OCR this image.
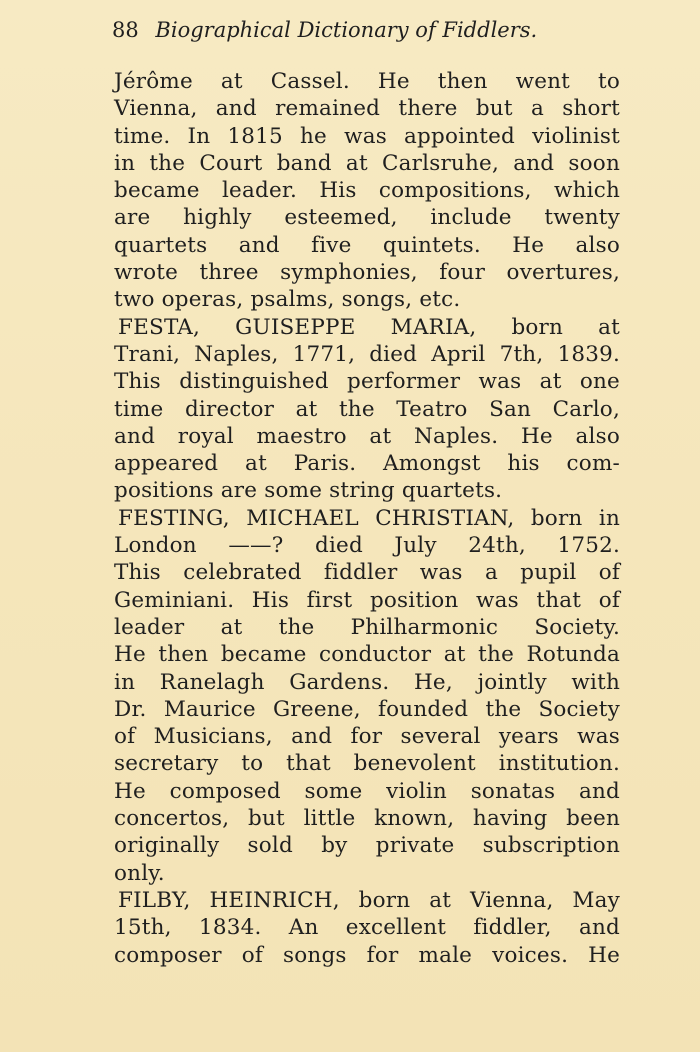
88 Biographical Dictionary of Fiddlers.
Jérôme at Cassel. He then went to
Vienna, and remained there but a short
time. In 1815 he was appointed violinist
in the Court band at Carlsruhe, and soon
became leader. His compositions, which
are highly esteemed, include twenty
quartets and five quintets. He also
wrote three symphonies, four overtures,
two operas, psalms, songs, etc.
FESTA, GUISEPPE MARIA, born at
Trani, Naples, 1771, died April 7th, 1839.
This distinguished performer was at one
time director at the Teatro San Carlo,
and royal maestro at Naples. He also
appeared at Paris. Amongst his com-
positions are some string quartets.
FESTING, MICHAEL CHRISTIAN, born in
London ——? died July 24th, 1752.
This celebrated fiddler was a pupil of
Geminiani. His first position was that of
leader at the Philharmonic Society.
He then became conductor at the Rotunda
in Ranelagh Gardens. He, jointly with
Dr. Maurice Greene, founded the Society
of Musicians, and for several years was
secretary to that benevolent institution.
He composed some violin sonatas and
concertos, but little known, having been
originally sold by private subscription
only.
FILBY, HEINRICH, born at Vienna, May
15th, 1834. An excellent fiddler, and
composer of songs for male voices. He
